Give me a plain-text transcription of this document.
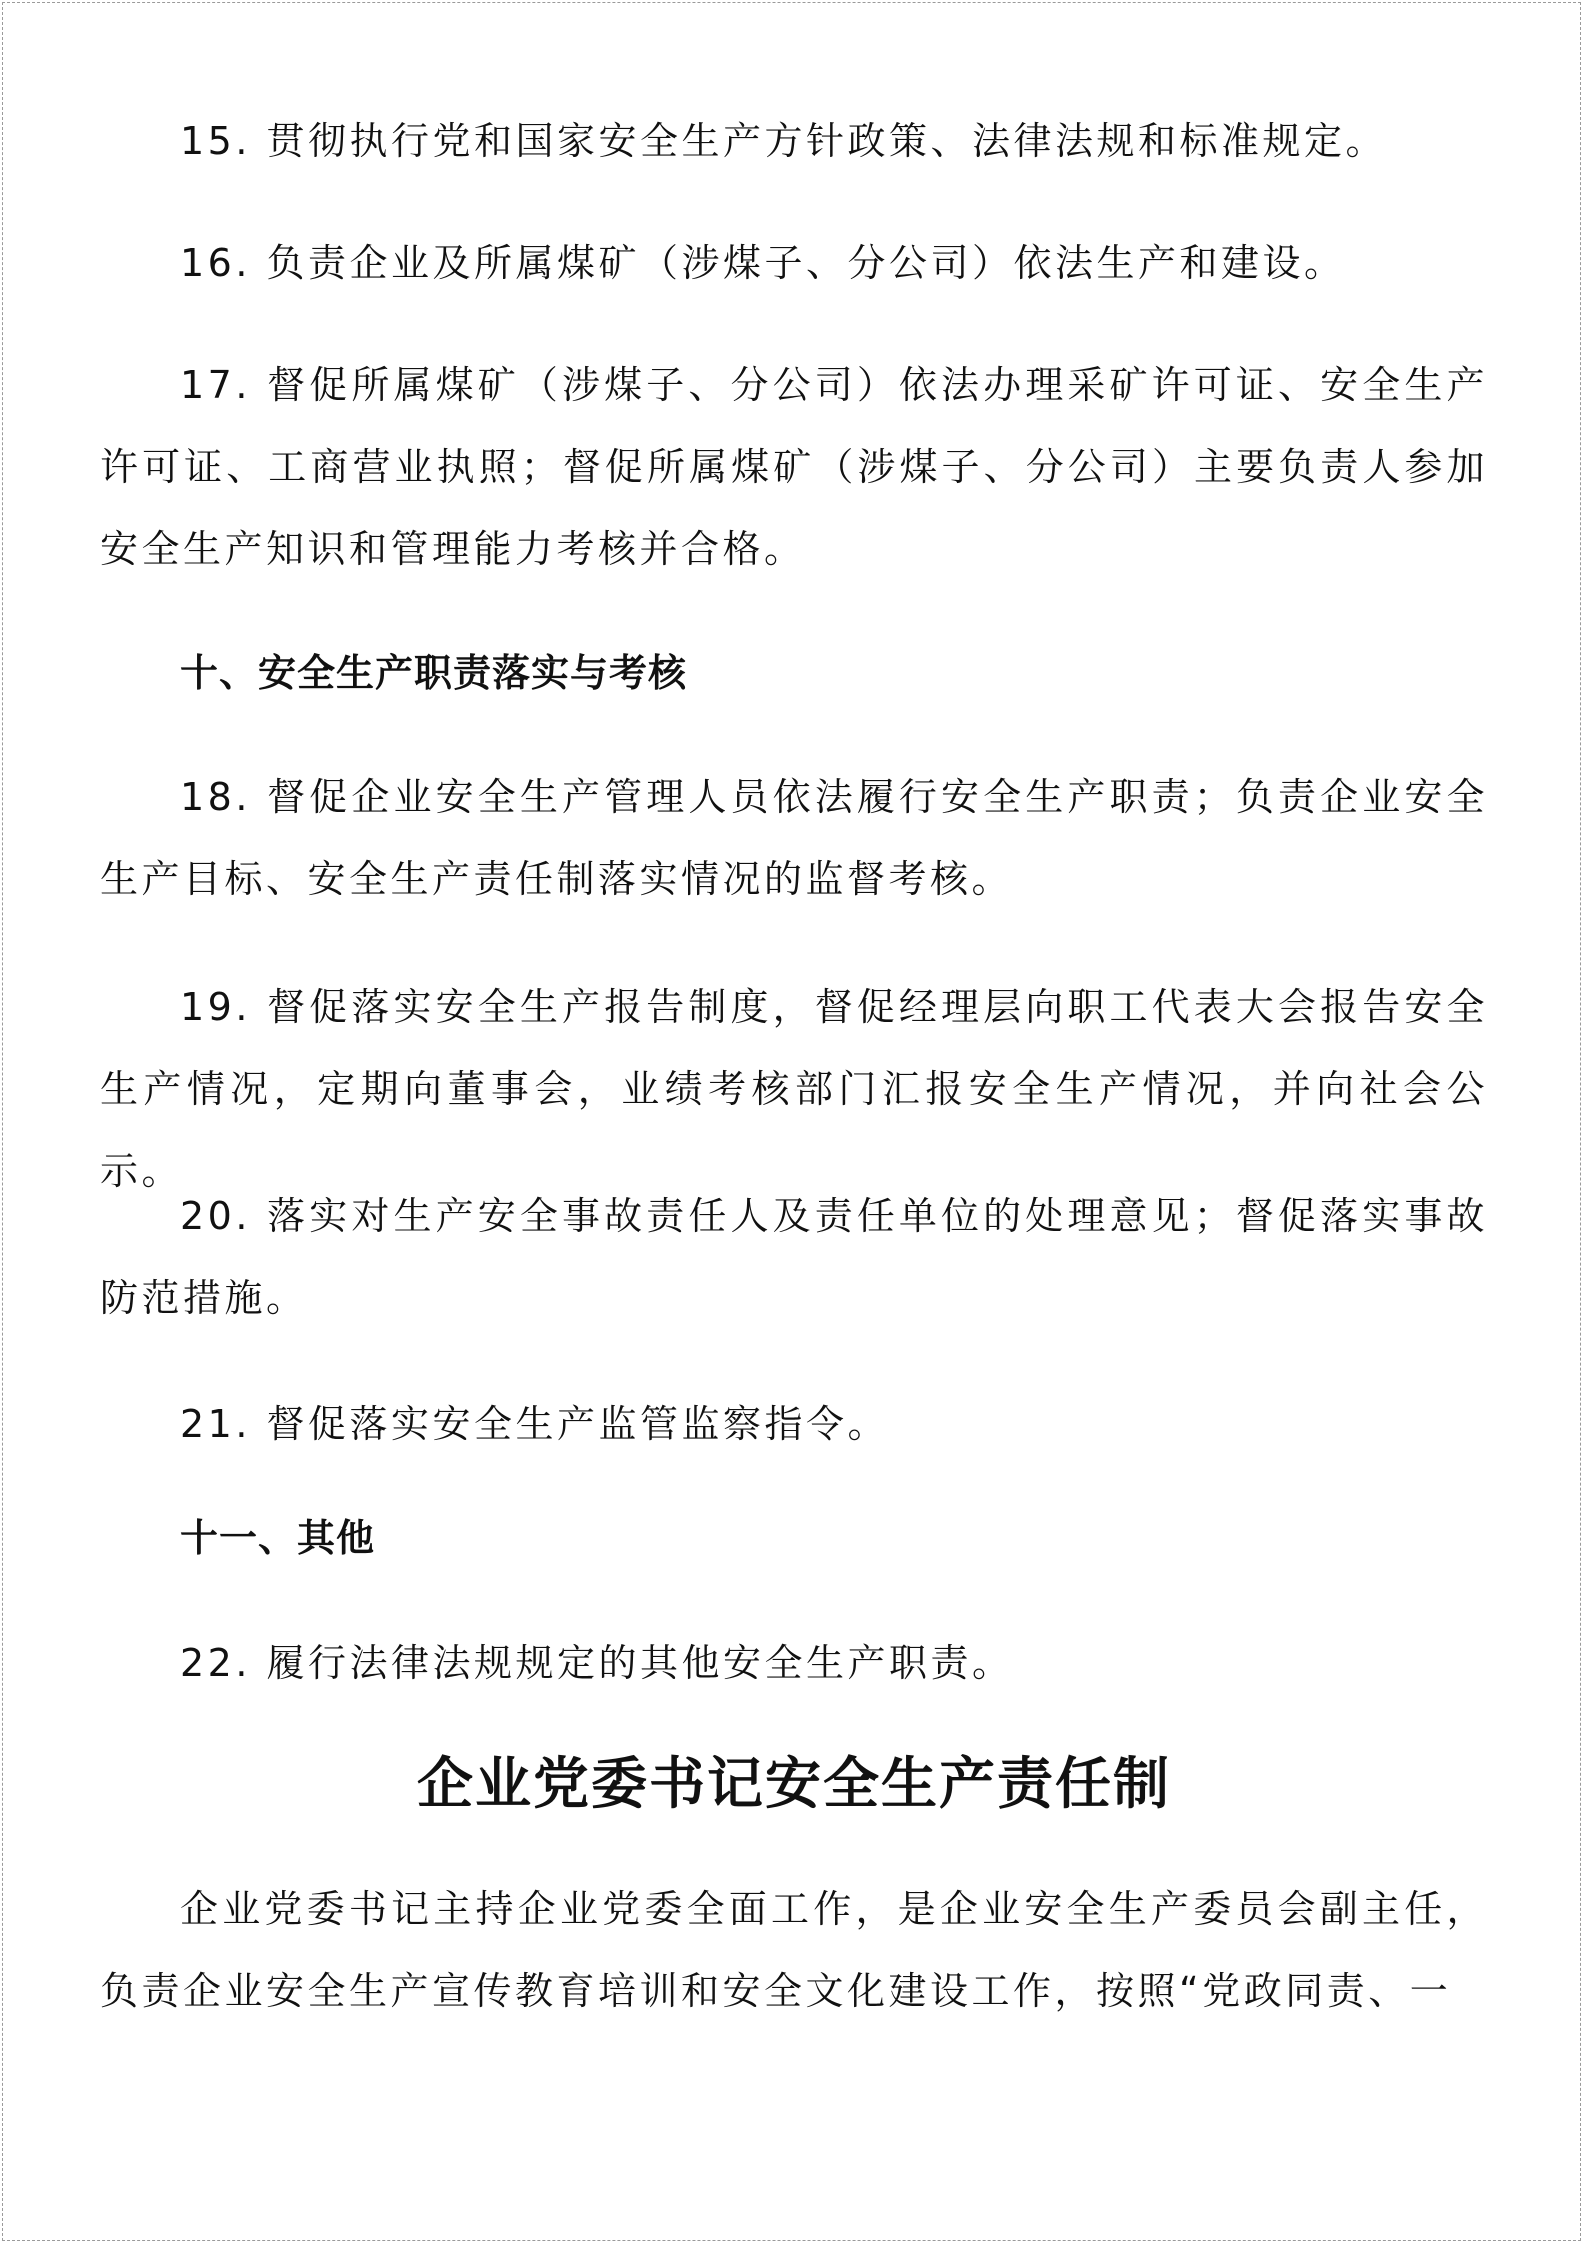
15. 贯彻执行党和国家安全生产方针政策、法律法规和标准规定。

16. 负责企业及所属煤矿（涉煤子、分公司）依法生产和建设。

17. 督促所属煤矿（涉煤子、分公司）依法办理采矿许可证、安全生产许可证、工商营业执照；督促所属煤矿（涉煤子、分公司）主要负责人参加安全生产知识和管理能力考核并合格。

十、安全生产职责落实与考核

18. 督促企业安全生产管理人员依法履行安全生产职责；负责企业安全生产目标、安全生产责任制落实情况的监督考核。

19. 督促落实安全生产报告制度，督促经理层向职工代表大会报告安全生产情况，定期向董事会，业绩考核部门汇报安全生产情况，并向社会公示。

20. 落实对生产安全事故责任人及责任单位的处理意见；督促落实事故防范措施。

21. 督促落实安全生产监管监察指令。

十一、其他

22. 履行法律法规规定的其他安全生产职责。

企业党委书记安全生产责任制

企业党委书记主持企业党委全面工作，是企业安全生产委员会副主任，负责企业安全生产宣传教育培训和安全文化建设工作，按照“党政同责、一
